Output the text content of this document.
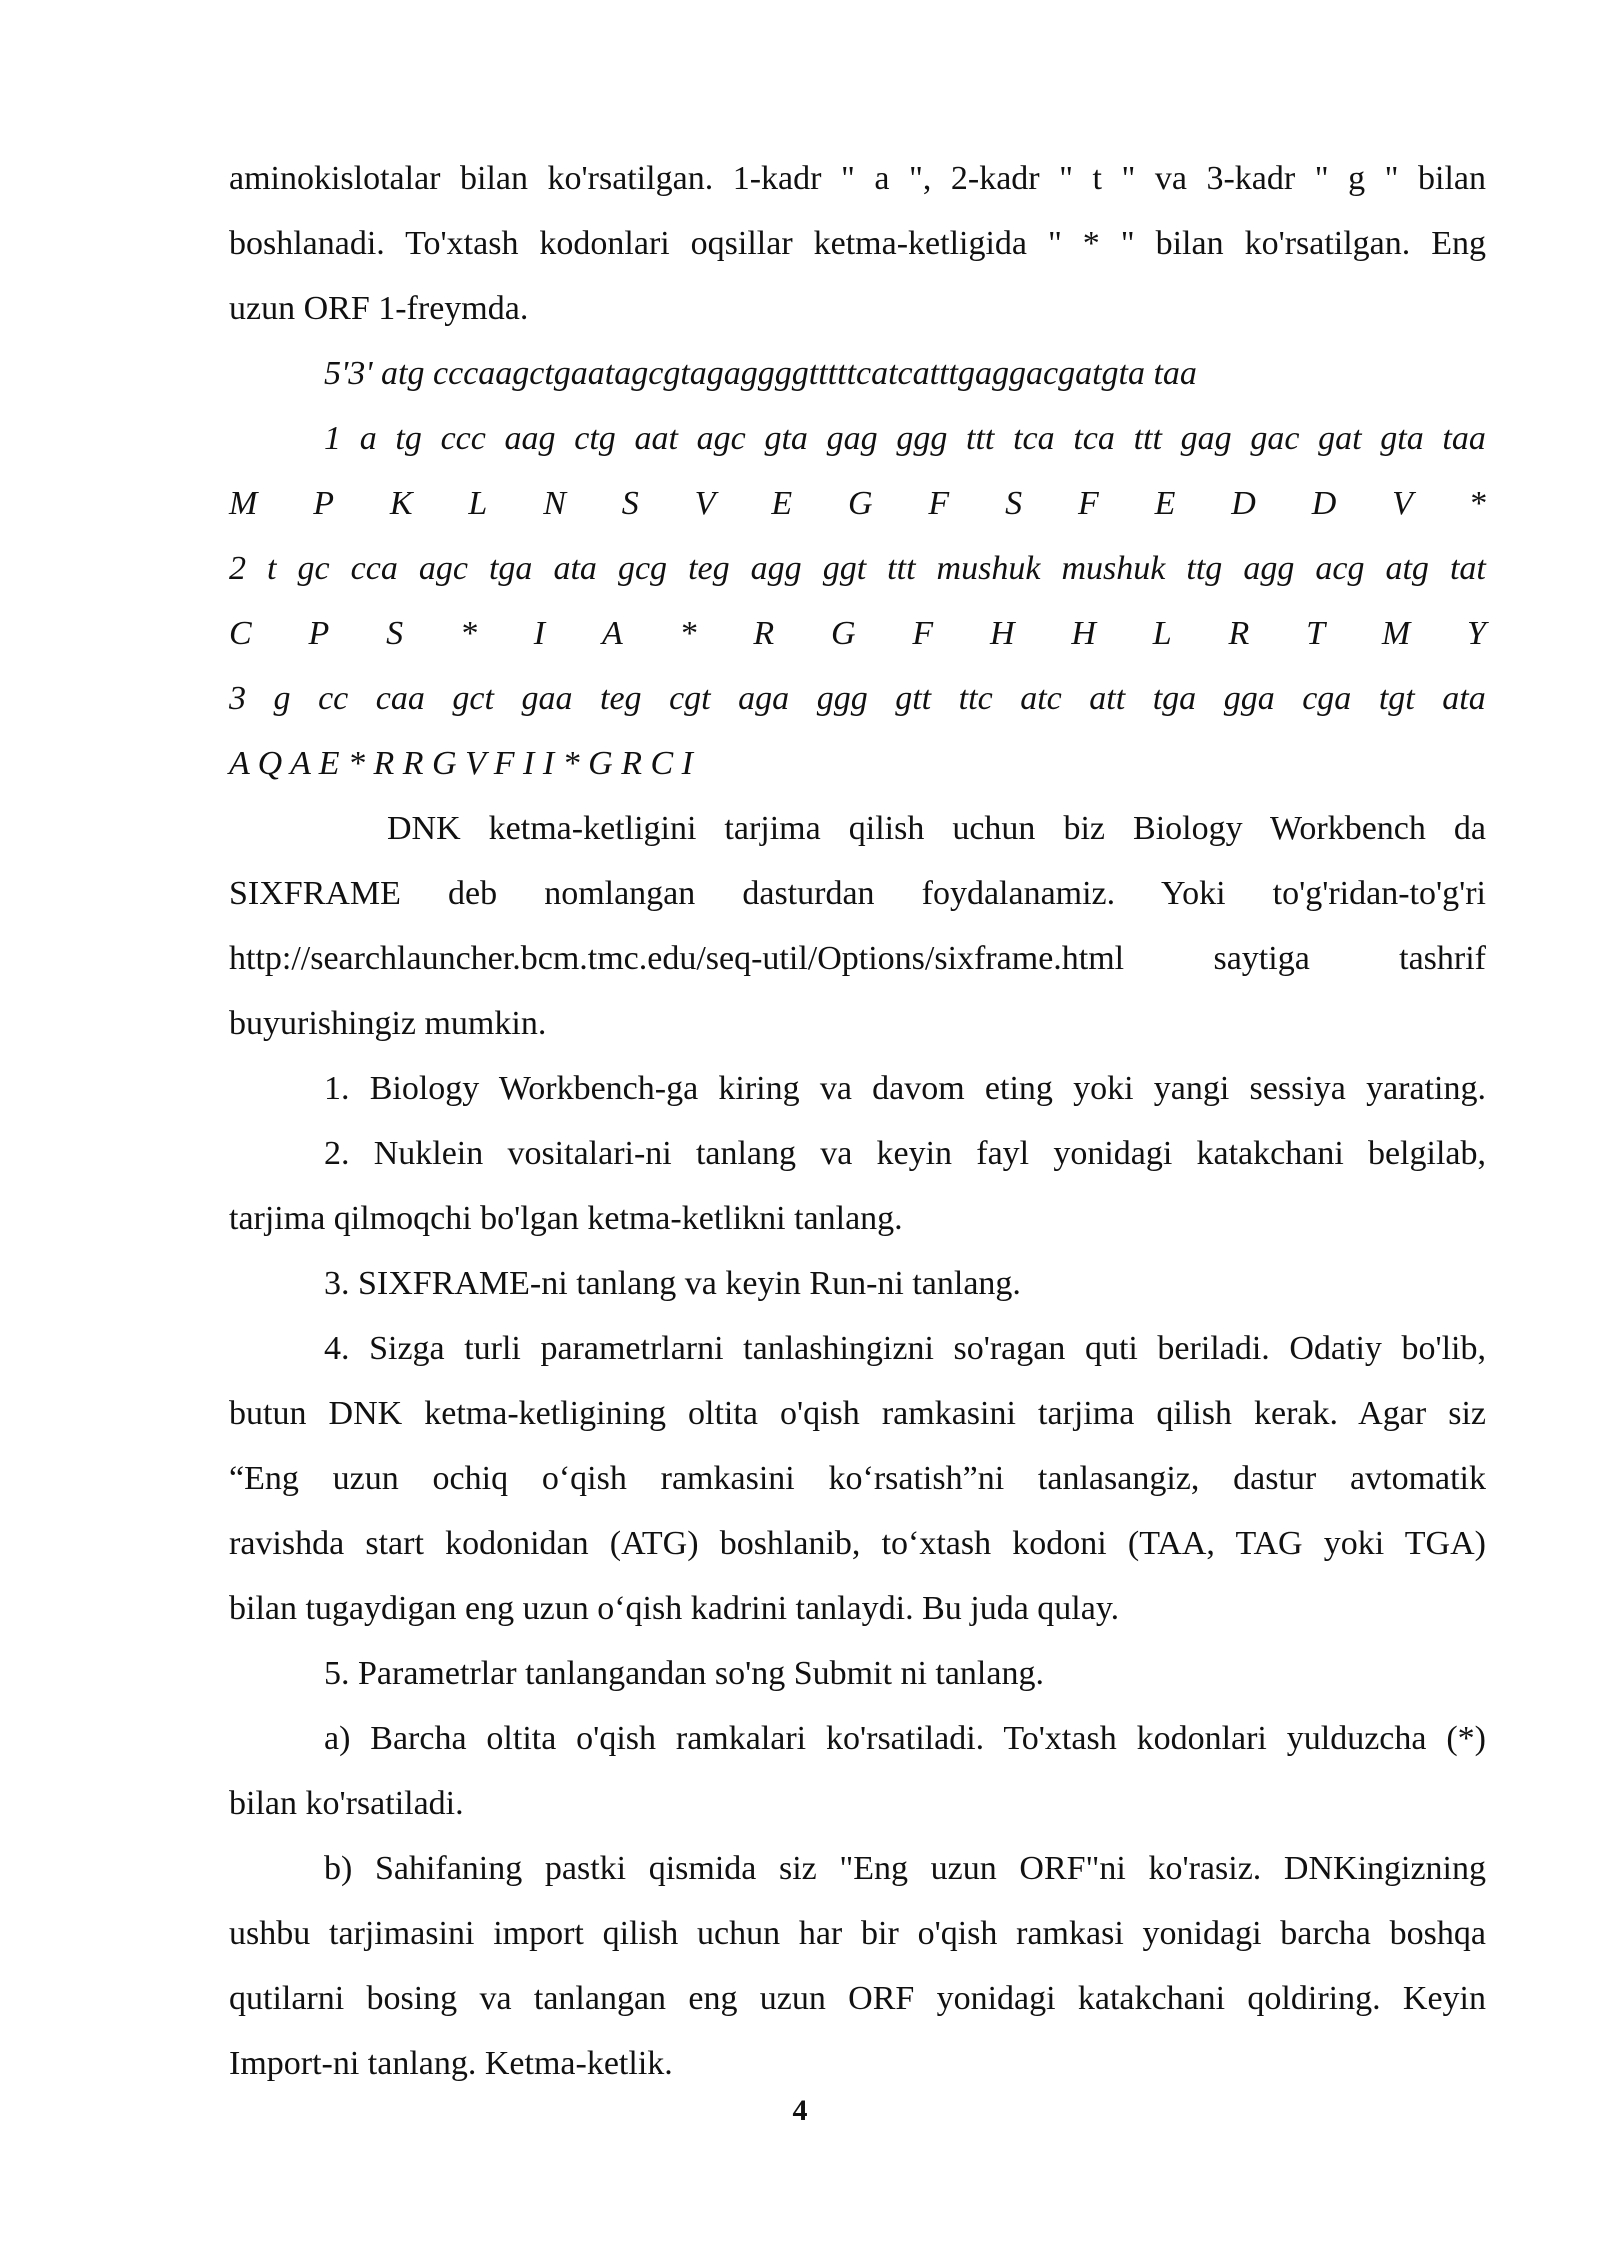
aminokislotalar bilan ko'rsatilgan. 1-kadr " a ", 2-kadr " t " va 3-kadr " g " bilan
boshlanadi. To'xtash kodonlari oqsillar ketma-ketligida " * " bilan ko'rsatilgan. Eng
uzun ORF 1-freymda.
5'3' atg cccaagctgaatagcgtagaggggtttttcatcatttgaggacgatgta taa
1 a tg ccc aag ctg aat agc gta gag ggg ttt tca tca ttt gag gac gat gta taa
M P K L N S V E G F S F E D D V *
2 t gc cca agc tga ata gcg teg agg ggt ttt mushuk mushuk ttg agg acg atg tat
C P S * I A * R G F H H L R T M Y
3 g cc caa gct gaa teg cgt aga ggg gtt ttc atc att tga gga cga tgt ata
A Q A E * R R G V F I I * G R C I
DNK ketma-ketligini tarjima qilish uchun biz Biology Workbench da
SIXFRAME deb nomlangan dasturdan foydalanamiz. Yoki to'g'ridan-to'g'ri
http://searchlauncher.bcm.tmc.edu/seq-util/Options/sixframe.html saytiga tashrif
buyurishingiz mumkin.
1. Biology Workbench-ga kiring va davom eting yoki yangi sessiya yarating.
2. Nuklein vositalari-ni tanlang va keyin fayl yonidagi katakchani belgilab,
tarjima qilmoqchi bo'lgan ketma-ketlikni tanlang.
3. SIXFRAME-ni tanlang va keyin Run-ni tanlang.
4. Sizga turli parametrlarni tanlashingizni so'ragan quti beriladi. Odatiy bo'lib,
butun DNK ketma-ketligining oltita o'qish ramkasini tarjima qilish kerak. Agar siz
“Eng uzun ochiq o‘qish ramkasini ko‘rsatish”ni tanlasangiz, dastur avtomatik
ravishda start kodonidan (ATG) boshlanib, to‘xtash kodoni (TAA, TAG yoki TGA)
bilan tugaydigan eng uzun o‘qish kadrini tanlaydi. Bu juda qulay.
5. Parametrlar tanlangandan so'ng Submit ni tanlang.
a) Barcha oltita o'qish ramkalari ko'rsatiladi. To'xtash kodonlari yulduzcha (*)
bilan ko'rsatiladi.
b) Sahifaning pastki qismida siz "Eng uzun ORF"ni ko'rasiz. DNKingizning
ushbu tarjimasini import qilish uchun har bir o'qish ramkasi yonidagi barcha boshqa
qutilarni bosing va tanlangan eng uzun ORF yonidagi katakchani qoldiring. Keyin
Import-ni tanlang. Ketma-ketlik.
4
